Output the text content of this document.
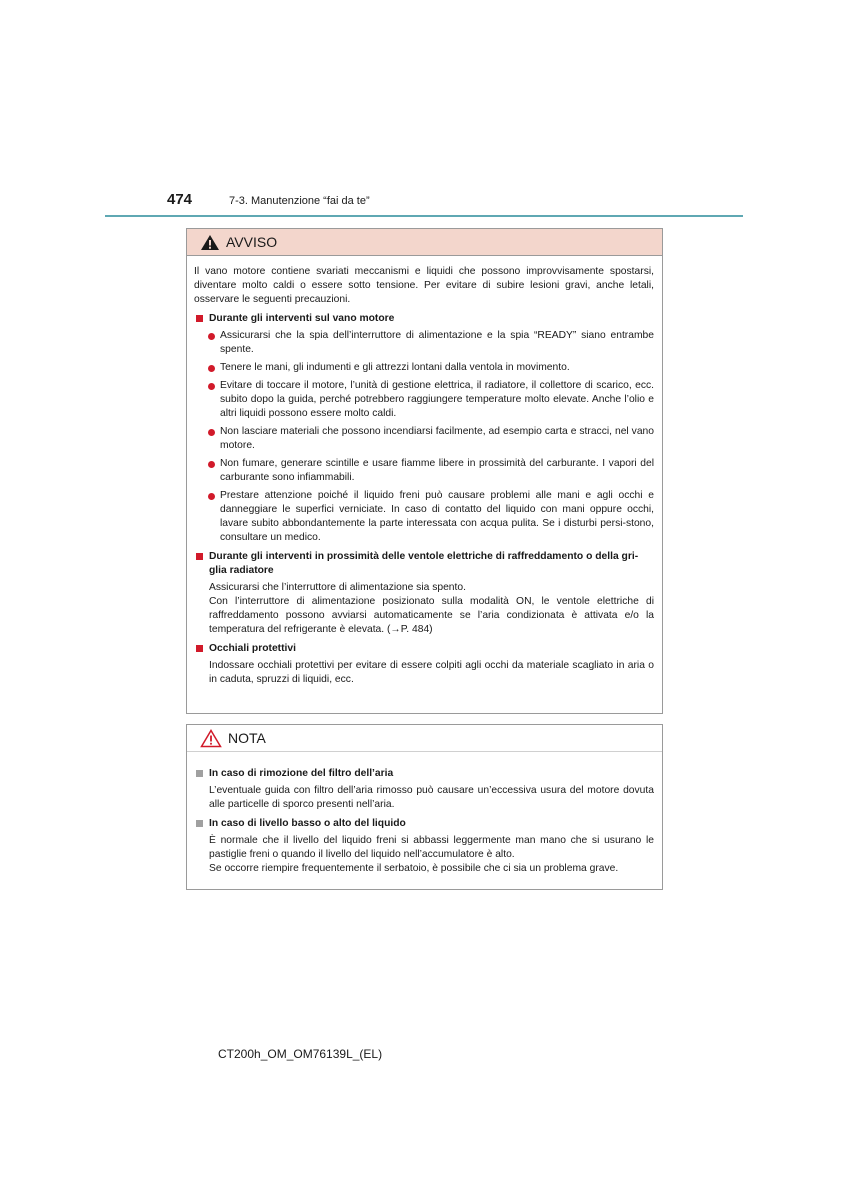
474	7-3. Manutenzione “fai da te”
AVVISO

Il vano motore contiene svariati meccanismi e liquidi che possono improvvisamente spostarsi, diventare molto caldi o essere sotto tensione. Per evitare di subire lesioni gravi, anche letali, osservare le seguenti precauzioni.

Durante gli interventi sul vano motore

Assicurarsi che la spia dell’interruttore di alimentazione e la spia “READY” siano entrambe spente.

Tenere le mani, gli indumenti e gli attrezzi lontani dalla ventola in movimento.

Evitare di toccare il motore, l’unità di gestione elettrica, il radiatore, il collettore di scarico, ecc. subito dopo la guida, perché potrebbero raggiungere temperature molto elevate. Anche l’olio e altri liquidi possono essere molto caldi.

Non lasciare materiali che possono incendiarsi facilmente, ad esempio carta e stracci, nel vano motore.

Non fumare, generare scintille e usare fiamme libere in prossimità del carburante. I vapori del carburante sono infiammabili.

Prestare attenzione poiché il liquido freni può causare problemi alle mani e agli occhi e danneggiare le superfici verniciate. In caso di contatto del liquido con mani oppure occhi, lavare subito abbondantemente la parte interessata con acqua pulita. Se i disturbi persi-stono, consultare un medico.

Durante gli interventi in prossimità delle ventole elettriche di raffreddamento o della gri-glia radiatore

Assicurarsi che l’interruttore di alimentazione sia spento.

Con l’interruttore di alimentazione posizionato sulla modalità ON, le ventole elettriche di raffreddamento possono avviarsi automaticamente se l’aria condizionata è attivata e/o la temperatura del refrigerante è elevata. (→P. 484)

Occhiali protettivi

Indossare occhiali protettivi per evitare di essere colpiti agli occhi da materiale scagliato in aria o in caduta, spruzzi di liquidi, ecc.

NOTA
In caso di rimozione del filtro dell’aria

L’eventuale guida con filtro dell’aria rimosso può causare un’eccessiva usura del motore dovuta alle particelle di sporco presenti nell’aria.

In caso di livello basso o alto del liquido

È normale che il livello del liquido freni si abbassi leggermente man mano che si usurano le pastiglie freni o quando il livello del liquido nell’accumulatore è alto.

Se occorre riempire frequentemente il serbatoio, è possibile che ci sia un problema grave.

CT200h_OM_OM76139L_(EL)
